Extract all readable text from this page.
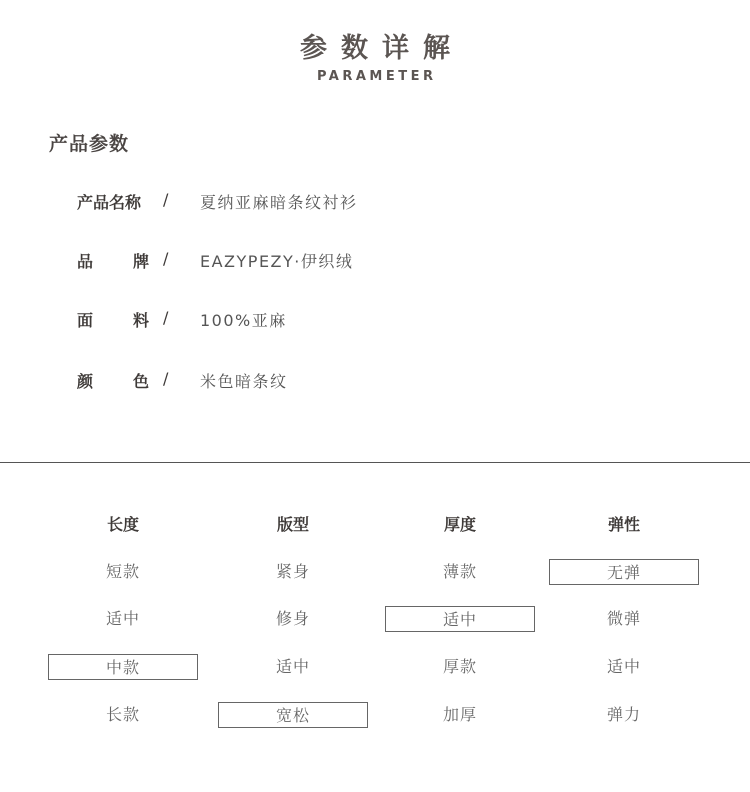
参数详解
PARAMETER
产品参数
产品名称 / 夏纳亚麻暗条纹衬衫
品 牌 / EAZYPEZY·伊织绒
面 料 / 100%亚麻
颜 色 / 米色暗条纹
长度
短款
适中
中款
长款
版型
紧身
修身
适中
宽松
厚度
薄款
适中
厚款
加厚
弹性
无弹
微弹
适中
弹力
